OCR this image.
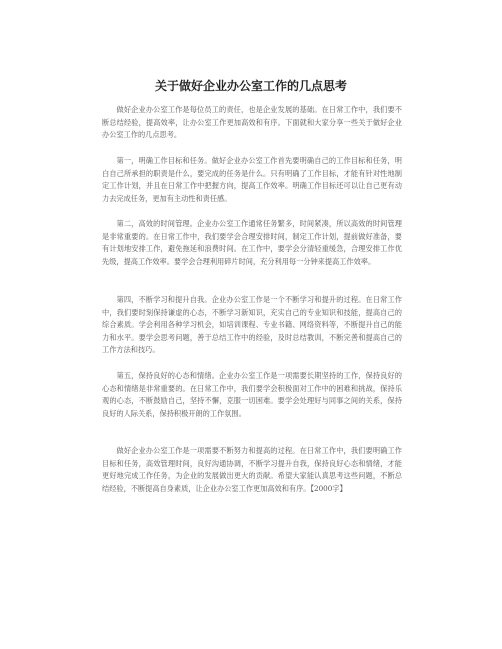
关于做好企业办公室工作的几点思考

做好企业办公室工作是每位员工的责任，也是企业发展的基础。在日常工作中，我们要不断总结经验，提高效率，让办公室工作更加高效和有序。下面就和大家分享一些关于做好企业办公室工作的几点思考。

第一，明确工作目标和任务。做好企业办公室工作首先要明确自己的工作目标和任务，明白自己所承担的职责是什么，要完成的任务是什么。只有明确了工作目标，才能有针对性地制定工作计划，并且在日常工作中把握方向，提高工作效率。明确工作目标还可以让自己更有动力去完成任务，更加有主动性和责任感。

第二，高效的时间管理。企业办公室工作通常任务繁多，时间紧凑，所以高效的时间管理是非常重要的。在日常工作中，我们要学会合理安排时间，制定工作计划，提前做好准备，要有计划地安排工作，避免拖延和浪费时间。在工作中，要学会分清轻重缓急，合理安排工作优先级，提高工作效率。要学会合理利用碎片时间，充分利用每一分钟来提高工作效率。

第四，不断学习和提升自我。企业办公室工作是一个不断学习和提升的过程。在日常工作中，我们要时刻保持谦虚的心态，不断学习新知识，充实自己的专业知识和技能，提高自己的综合素质。学会利用各种学习机会，如培训课程、专业书籍、网络资料等，不断提升自己的能力和水平。要学会思考问题，善于总结工作中的经验，及时总结教训，不断完善和提高自己的工作方法和技巧。

第五，保持良好的心态和情绪。企业办公室工作是一项需要长期坚持的工作，保持良好的心态和情绪是非常重要的。在日常工作中，我们要学会积极面对工作中的困难和挑战，保持乐观的心态，不断鼓励自己，坚持不懈，克服一切困难。要学会处理好与同事之间的关系，保持良好的人际关系，保持积极开朗的工作氛围。

做好企业办公室工作是一项需要不断努力和提高的过程。在日常工作中，我们要明确工作目标和任务，高效管理时间，良好沟通协调，不断学习提升自我，保持良好心态和情绪，才能更好地完成工作任务，为企业的发展做出更大的贡献。希望大家能认真思考这些问题，不断总结经验，不断提高自身素质，让企业办公室工作更加高效和有序。【2000字】
